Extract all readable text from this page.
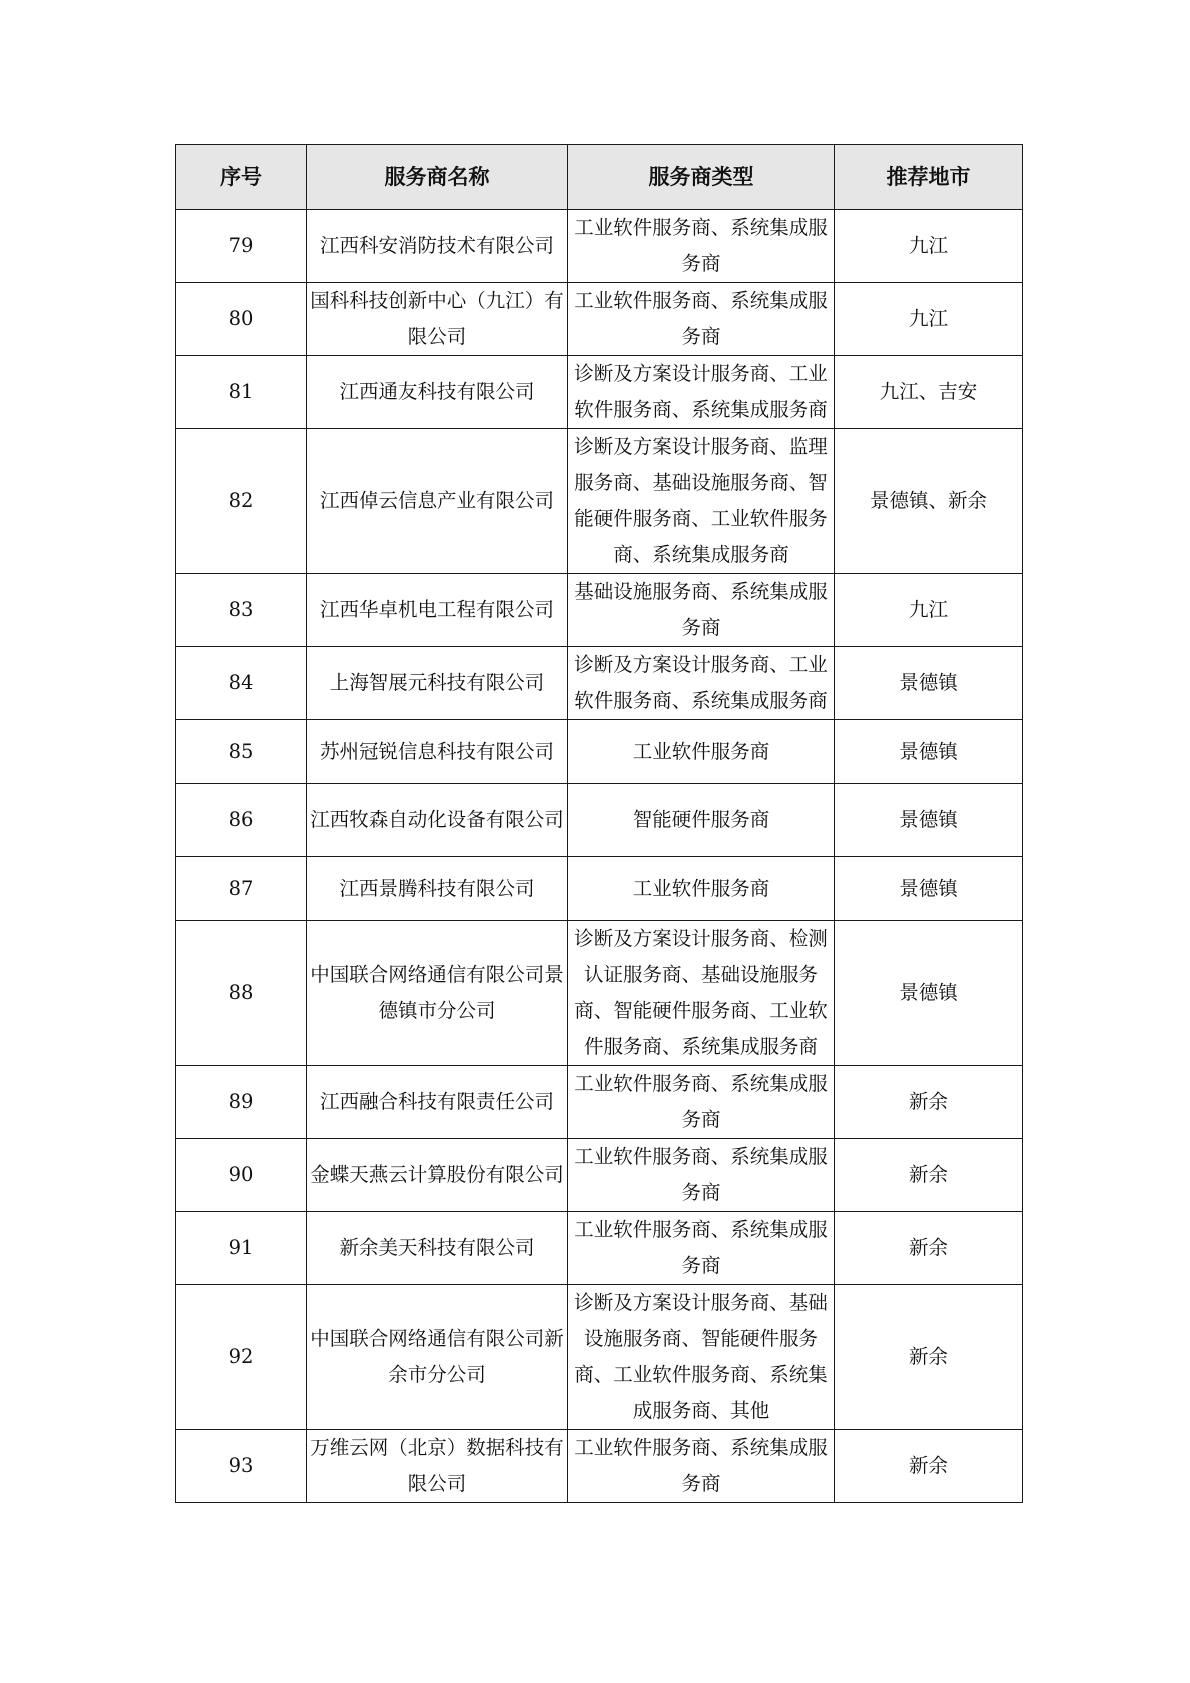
序号	服务商名称	服务商类型	推荐地市
79	江西科安消防技术有限公司	工业软件服务商、系统集成服务商	九江
80	国科科技创新中心（九江）有限公司	工业软件服务商、系统集成服务商	九江
81	江西通友科技有限公司	诊断及方案设计服务商、工业软件服务商、系统集成服务商	九江、吉安
82	江西倬云信息产业有限公司	诊断及方案设计服务商、监理服务商、基础设施服务商、智能硬件服务商、工业软件服务商、系统集成服务商	景德镇、新余
83	江西华卓机电工程有限公司	基础设施服务商、系统集成服务商	九江
84	上海智展元科技有限公司	诊断及方案设计服务商、工业软件服务商、系统集成服务商	景德镇
85	苏州冠锐信息科技有限公司	工业软件服务商	景德镇
86	江西牧森自动化设备有限公司	智能硬件服务商	景德镇
87	江西景腾科技有限公司	工业软件服务商	景德镇
88	中国联合网络通信有限公司景德镇市分公司	诊断及方案设计服务商、检测认证服务商、基础设施服务商、智能硬件服务商、工业软件服务商、系统集成服务商	景德镇
89	江西融合科技有限责任公司	工业软件服务商、系统集成服务商	新余
90	金蝶天燕云计算股份有限公司	工业软件服务商、系统集成服务商	新余
91	新余美天科技有限公司	工业软件服务商、系统集成服务商	新余
92	中国联合网络通信有限公司新余市分公司	诊断及方案设计服务商、基础设施服务商、智能硬件服务商、工业软件服务商、系统集成服务商、其他	新余
93	万维云网（北京）数据科技有限公司	工业软件服务商、系统集成服务商	新余
